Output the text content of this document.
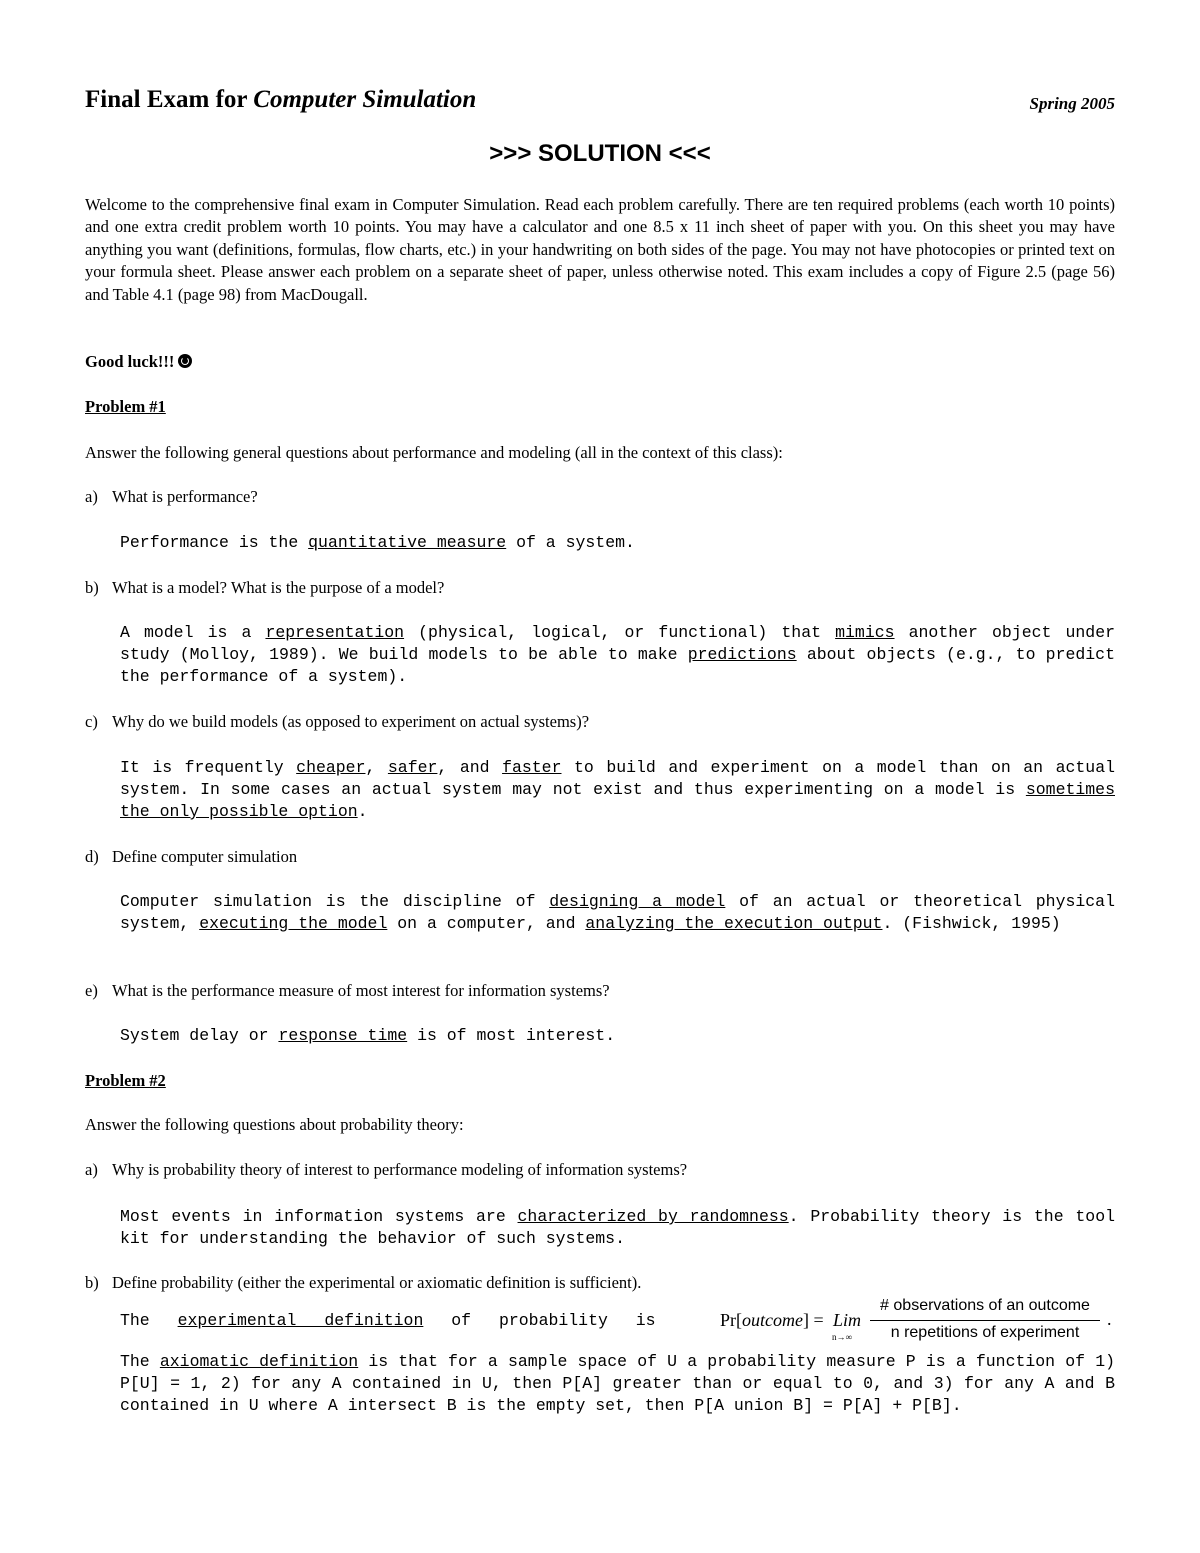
Final Exam for Computer Simulation	Spring 2005
>>> SOLUTION <<<

Welcome to the comprehensive final exam in Computer Simulation. Read each problem carefully. There are ten required problems (each worth 10 points) and one extra credit problem worth 10 points. You may have a calculator and one 8.5 x 11 inch sheet of paper with you. On this sheet you may have anything you want (definitions, formulas, flow charts, etc.) in your handwriting on both sides of the page. You may not have photocopies or printed text on your formula sheet. Please answer each problem on a separate sheet of paper, unless otherwise noted. This exam includes a copy of Figure 2.5 (page 56) and Table 4.1 (page 98) from MacDougall.

Good luck!!!
Problem #1
Answer the following general questions about performance and modeling (all in the context of this class):
a) What is performance?

Performance is the quantitative measure of a system.

b) What is a model? What is the purpose of a model?

A model is a representation (physical, logical, or functional) that mimics another object under study (Molloy, 1989). We build models to be able to make predictions about objects (e.g., to predict the performance of a system).

c) Why do we build models (as opposed to experiment on actual systems)?

It is frequently cheaper, safer, and faster to build and experiment on a model than on an actual system. In some cases an actual system may not exist and thus experimenting on a model is sometimes the only possible option.

d) Define computer simulation

Computer simulation is the discipline of designing a model of an actual or theoretical physical system, executing the model on a computer, and analyzing the execution output. (Fishwick, 1995)

e) What is the performance measure of most interest for information systems?

System delay or response time is of most interest.

Problem #2
Answer the following questions about probability theory:
a) Why is probability theory of interest to performance modeling of information systems?

Most events in information systems are characterized by randomness. Probability theory is the tool kit for understanding the behavior of such systems.

b) Define probability (either the experimental or axiomatic definition is sufficient).

The experimental definition of probability is	Pr[outcome] = Lim
n→∞
# observations of an outcome
n repetitions of experiment
.

The axiomatic definition is that for a sample space of U a probability measure P is a function of 1) P[U] = 1, 2) for any A contained in U, then P[A] greater than or equal to 0, and 3) for any A and B contained in U where A intersect B is the empty set, then P[A union B] = P[A] + P[B].
